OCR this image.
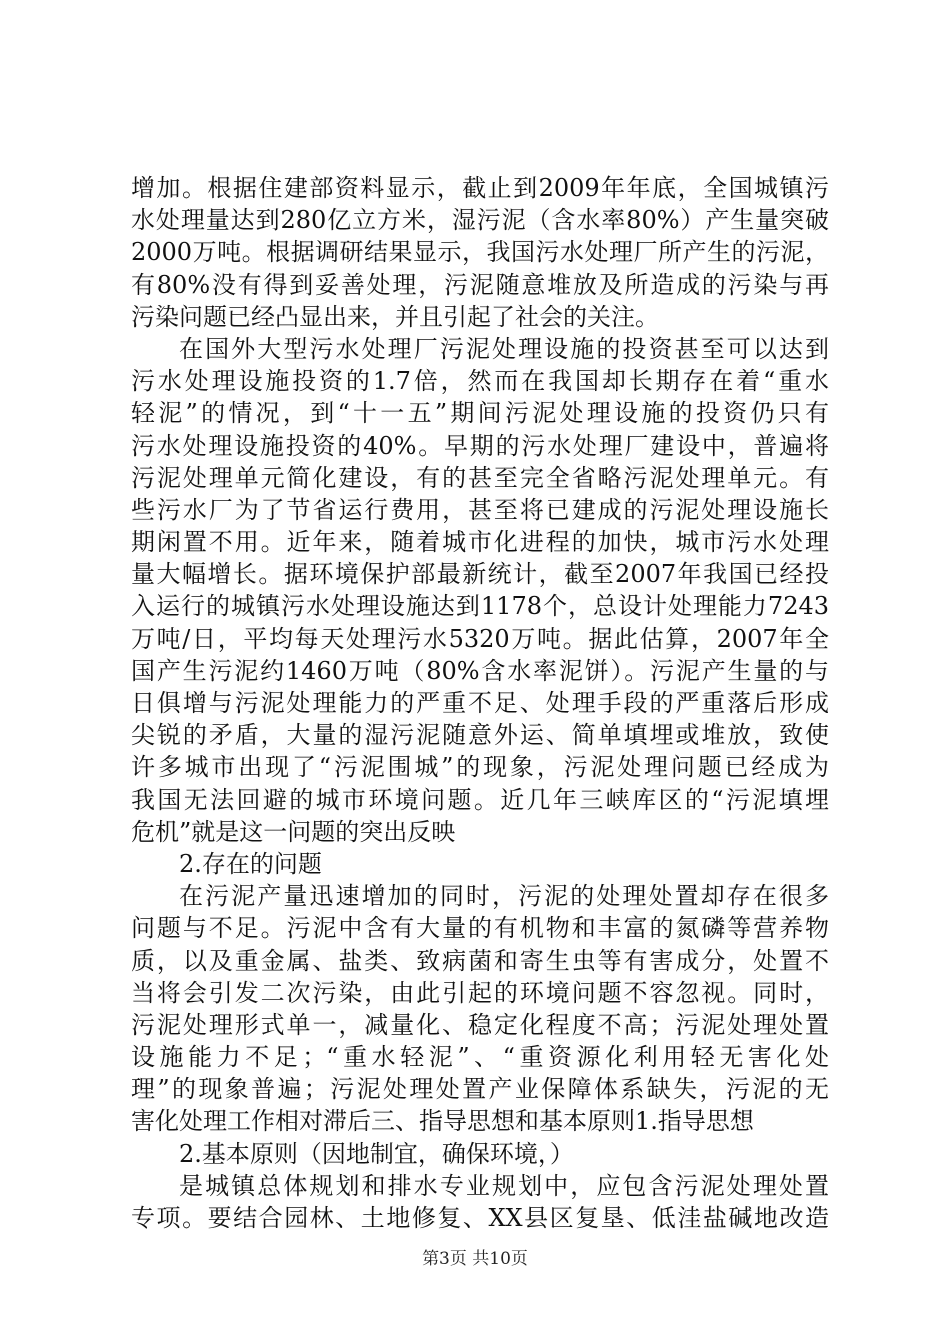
增加。根据住建部资料显示，截止到2009年年底，全国城镇污
水处理量达到280亿立方米，湿污泥（含水率80%）产生量突破
2000万吨。根据调研结果显示，我国污水处理厂所产生的污泥，
有80%没有得到妥善处理，污泥随意堆放及所造成的污染与再
污染问题已经凸显出来，并且引起了社会的关注。
在国外大型污水处理厂污泥处理设施的投资甚至可以达到
污水处理设施投资的1.7倍，然而在我国却长期存在着“重水
轻泥”的情况，到“十一五”期间污泥处理设施的投资仍只有
污水处理设施投资的40%。早期的污水处理厂建设中，普遍将
污泥处理单元简化建设，有的甚至完全省略污泥处理单元。有
些污水厂为了节省运行费用，甚至将已建成的污泥处理设施长
期闲置不用。近年来，随着城市化进程的加快，城市污水处理
量大幅增长。据环境保护部最新统计，截至2007年我国已经投
入运行的城镇污水处理设施达到1178个，总设计处理能力7243
万吨/日，平均每天处理污水5320万吨。据此估算，2007年全
国产生污泥约1460万吨（80%含水率泥饼）。污泥产生量的与
日俱增与污泥处理能力的严重不足、处理手段的严重落后形成
尖锐的矛盾，大量的湿污泥随意外运、简单填埋或堆放，致使
许多城市出现了“污泥围城”的现象，污泥处理问题已经成为
我国无法回避的城市环境问题。近几年三峡库区的“污泥填埋
危机”就是这一问题的突出反映
2.存在的问题
在污泥产量迅速增加的同时，污泥的处理处置却存在很多
问题与不足。污泥中含有大量的有机物和丰富的氮磷等营养物
质，以及重金属、盐类、致病菌和寄生虫等有害成分，处置不
当将会引发二次污染，由此引起的环境问题不容忽视。同时，
污泥处理形式单一，减量化、稳定化程度不高；污泥处理处置
设施能力不足；“重水轻泥”、“重资源化利用轻无害化处
理”的现象普遍；污泥处理处置产业保障体系缺失，污泥的无
害化处理工作相对滞后三、指导思想和基本原则1.指导思想
2.基本原则（因地制宜，确保环境，）
是城镇总体规划和排水专业规划中，应包含污泥处理处置
专项。要结合园林、土地修复、XX县区复垦、低洼盐碱地改造
第3页 共10页
